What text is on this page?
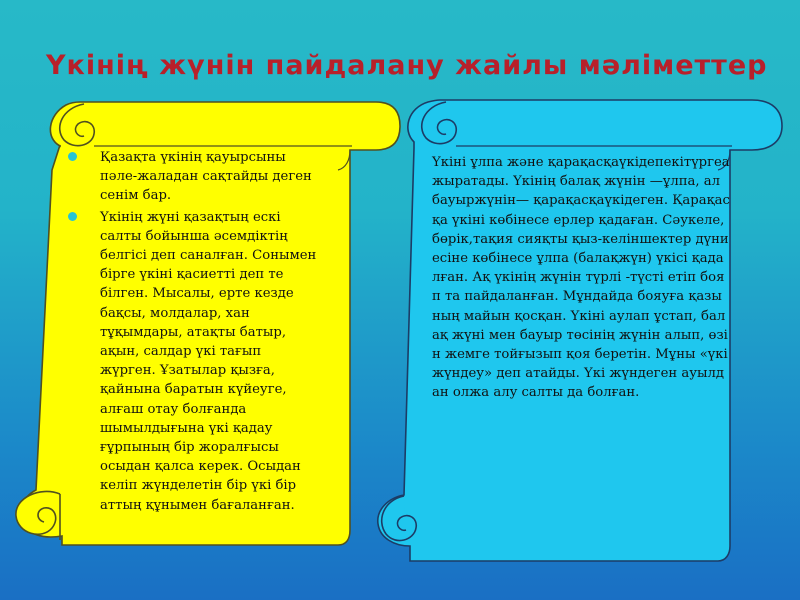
Үкінің жүнін пайдалану жайлы мәліметтер
Қазақта үкінің қауырсыны пәле-жаладан сақтайды деген сенім бар.
Үкінің жүні қазақтың ескі салты бойынша әсемдіктің белгісі деп саналған. Сонымен бірге үкіні қасиетті деп те білген. Мысалы, ерте кезде бақсы, молдалар, хан тұқымдары, атақты батыр, ақын, салдар үкі тағып жүрген. Ұзатылар қызға, қайнына баратын күйеуге, алғаш отау болғанда шымылдығына үкі қадау ғұрпының бір жоралғысы осыдан қалса керек. Осыдан келіп жүнделетін бір үкі бір аттың құнымен бағаланған.
Үкіні ұлпа және қарақасқаүкідепекітүргеажыратады. Үкінің балақ жүнін —ұлпа, ал бауыржүнін— қарақасқаүкідеген. Қарақасқа үкіні көбінесе ерлер қадаған. Сәукеле,бөрік,тақия сияқты қыз-келіншектер дүниесіне көбінесе ұлпа (балақжүн) үкісі қадалған. Ақ үкінің жүнін түрлі -түсті етіп бояп та пайдаланған. Мұндайда бояуға қазының майын қосқан. Үкіні аулап ұстап, балақ жүні мен бауыр төсінің жүнін алып, өзін жемге тойғызып қоя беретін. Мұны «үкіжүндеу» деп атайды. Үкі жүндеген ауылдан олжа алу салты да болған.
